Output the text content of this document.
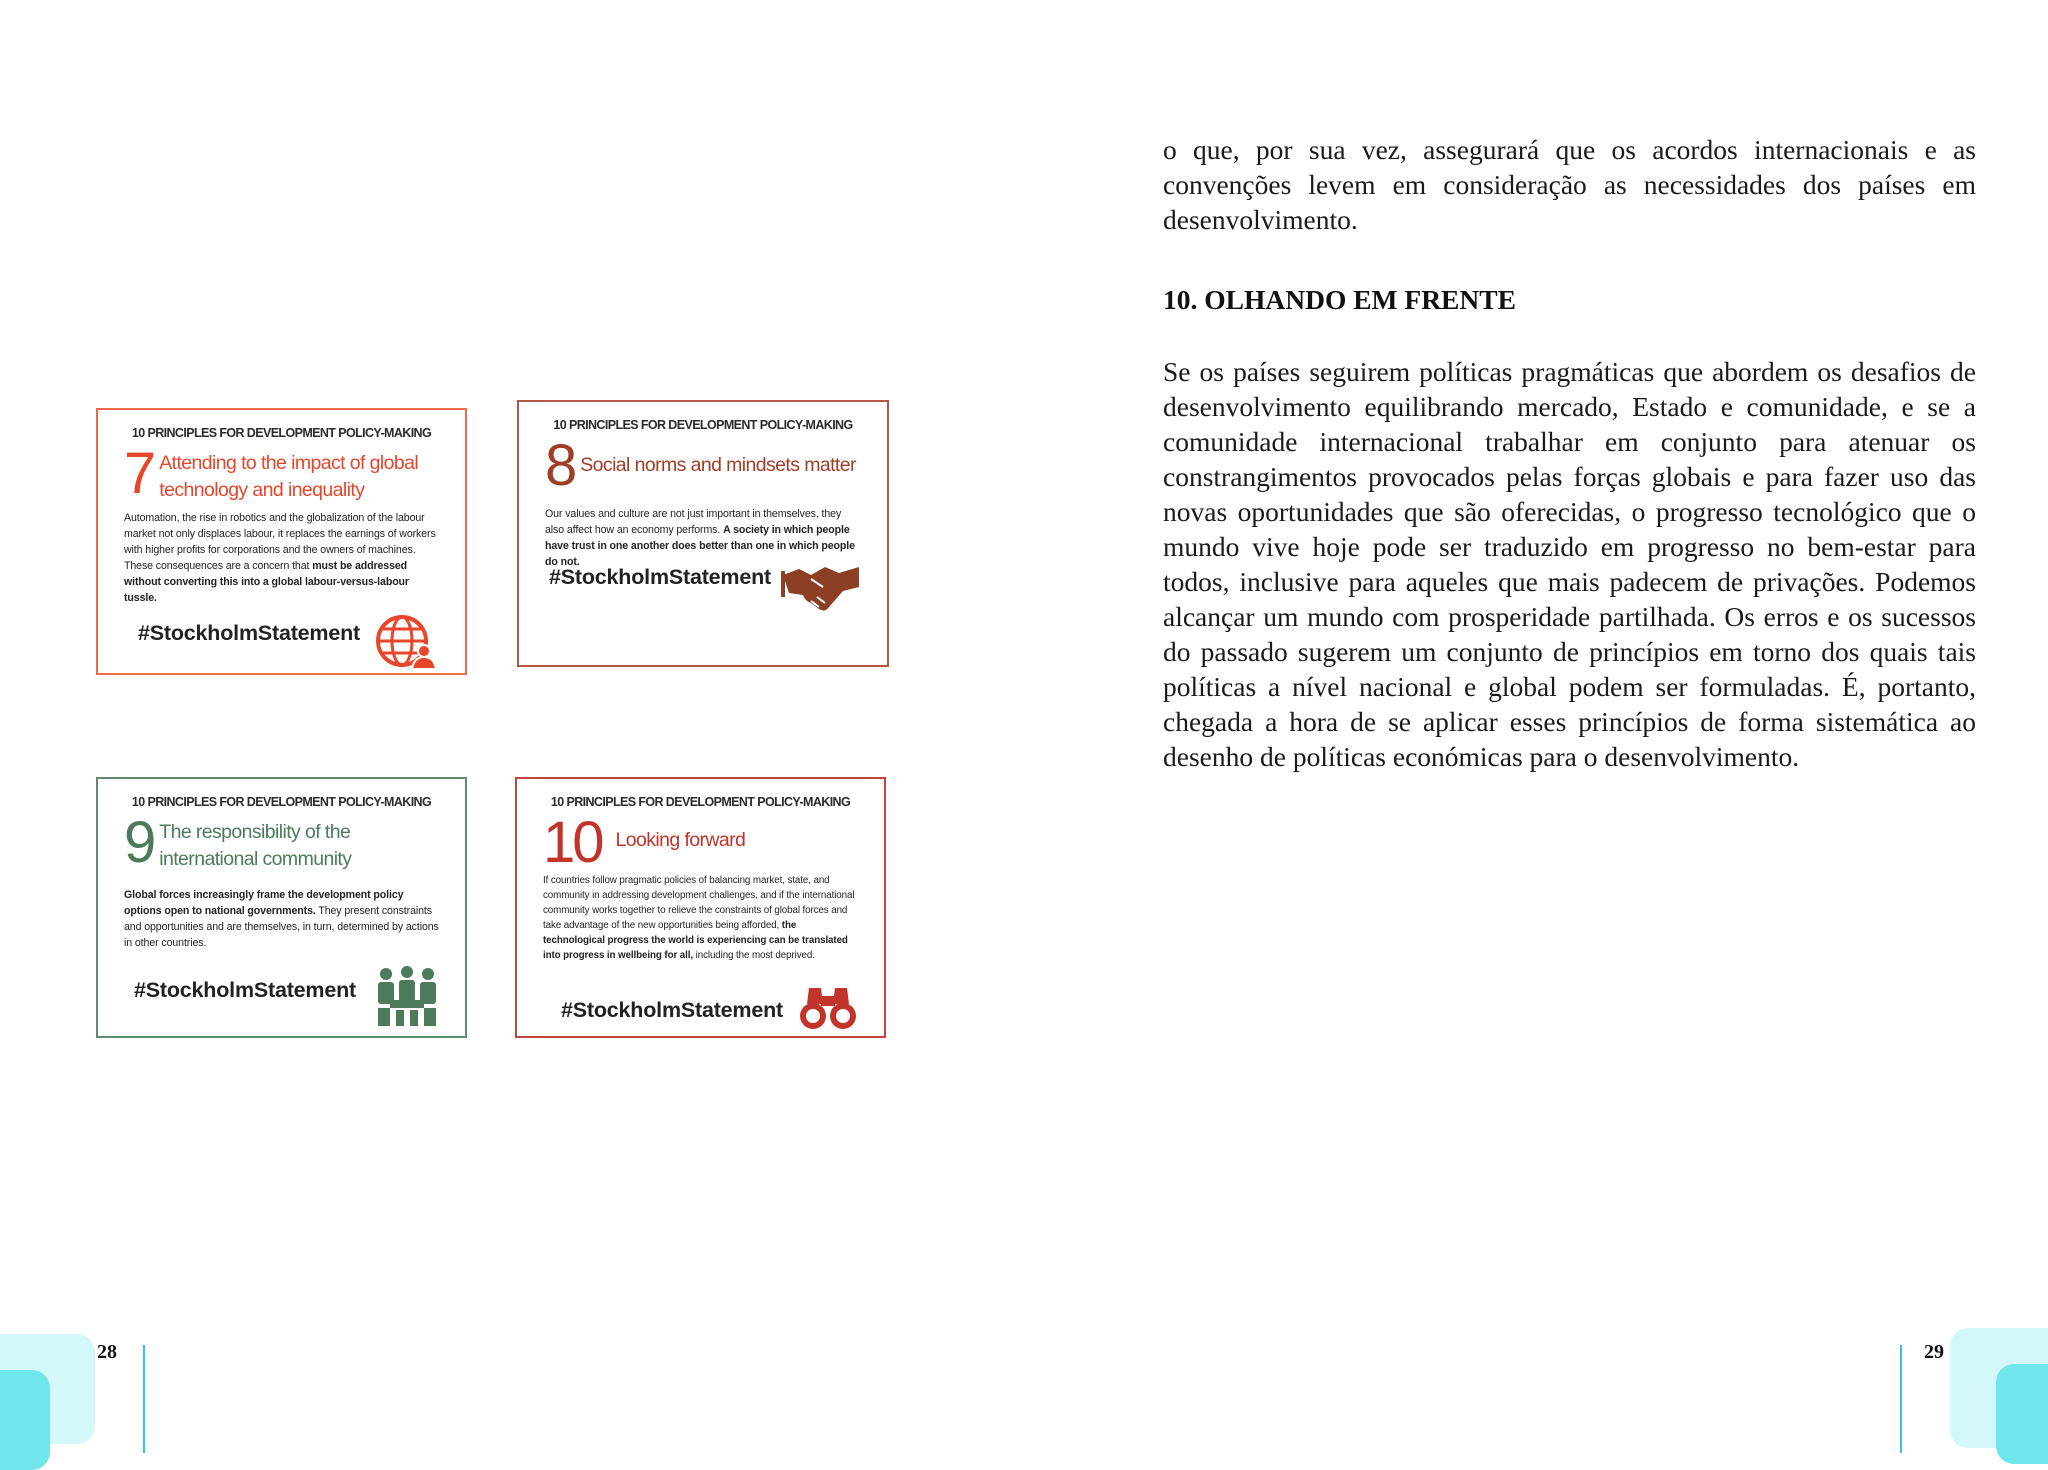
10 PRINCIPLES FOR DEVELOPMENT POLICY-MAKING
7 Attending to the impact of global
technology and inequality
Automation, the rise in robotics and the globalization of the labour market not only displaces labour, it replaces the earnings of workers with higher profits for corporations and the owners of machines. These consequences are a concern that must be addressed without converting this into a global labour-versus-labour tussle.
#StockholmStatement
10 PRINCIPLES FOR DEVELOPMENT POLICY-MAKING
8 Social norms and mindsets matter
Our values and culture are not just important in themselves, they also affect how an economy performs. A society in which people have trust in one another does better than one in which people do not.
#StockholmStatement
10 PRINCIPLES FOR DEVELOPMENT POLICY-MAKING
9 The responsibility of the
international community
Global forces increasingly frame the development policy options open to national governments. They present constraints and opportunities and are themselves, in turn, determined by actions in other countries.
#StockholmStatement
10 PRINCIPLES FOR DEVELOPMENT POLICY-MAKING
10 Looking forward
If countries follow pragmatic policies of balancing market, state, and community in addressing development challenges, and if the international community works together to relieve the constraints of global forces and take advantage of the new opportunities being afforded, the technological progress the world is experiencing can be translated into progress in wellbeing for all, including the most deprived.
#StockholmStatement
28
o que, por sua vez, assegurará que os acordos internacionais e as convenções levem em consideração as necessidades dos países em desenvolvimento.
10. OLHANDO EM FRENTE
Se os países seguirem políticas pragmáticas que abordem os desafios de desenvolvimento equilibrando mercado, Estado e comunidade, e se a comunidade internacional trabalhar em conjunto para atenuar os constrangimentos provocados pelas forças globais e para fazer uso das novas oportunidades que são oferecidas, o progresso tecnológico que o mundo vive hoje pode ser traduzido em progresso no bem-estar para todos, inclusive para aqueles que mais padecem de privações. Podemos alcançar um mundo com prosperidade partilhada. Os erros e os sucessos do passado sugerem um conjunto de princípios em torno dos quais tais políticas a nível nacional e global podem ser formuladas. É, portanto, chegada a hora de se aplicar esses princípios de forma sistemática ao desenho de políticas económicas para o desenvolvimento.
29
